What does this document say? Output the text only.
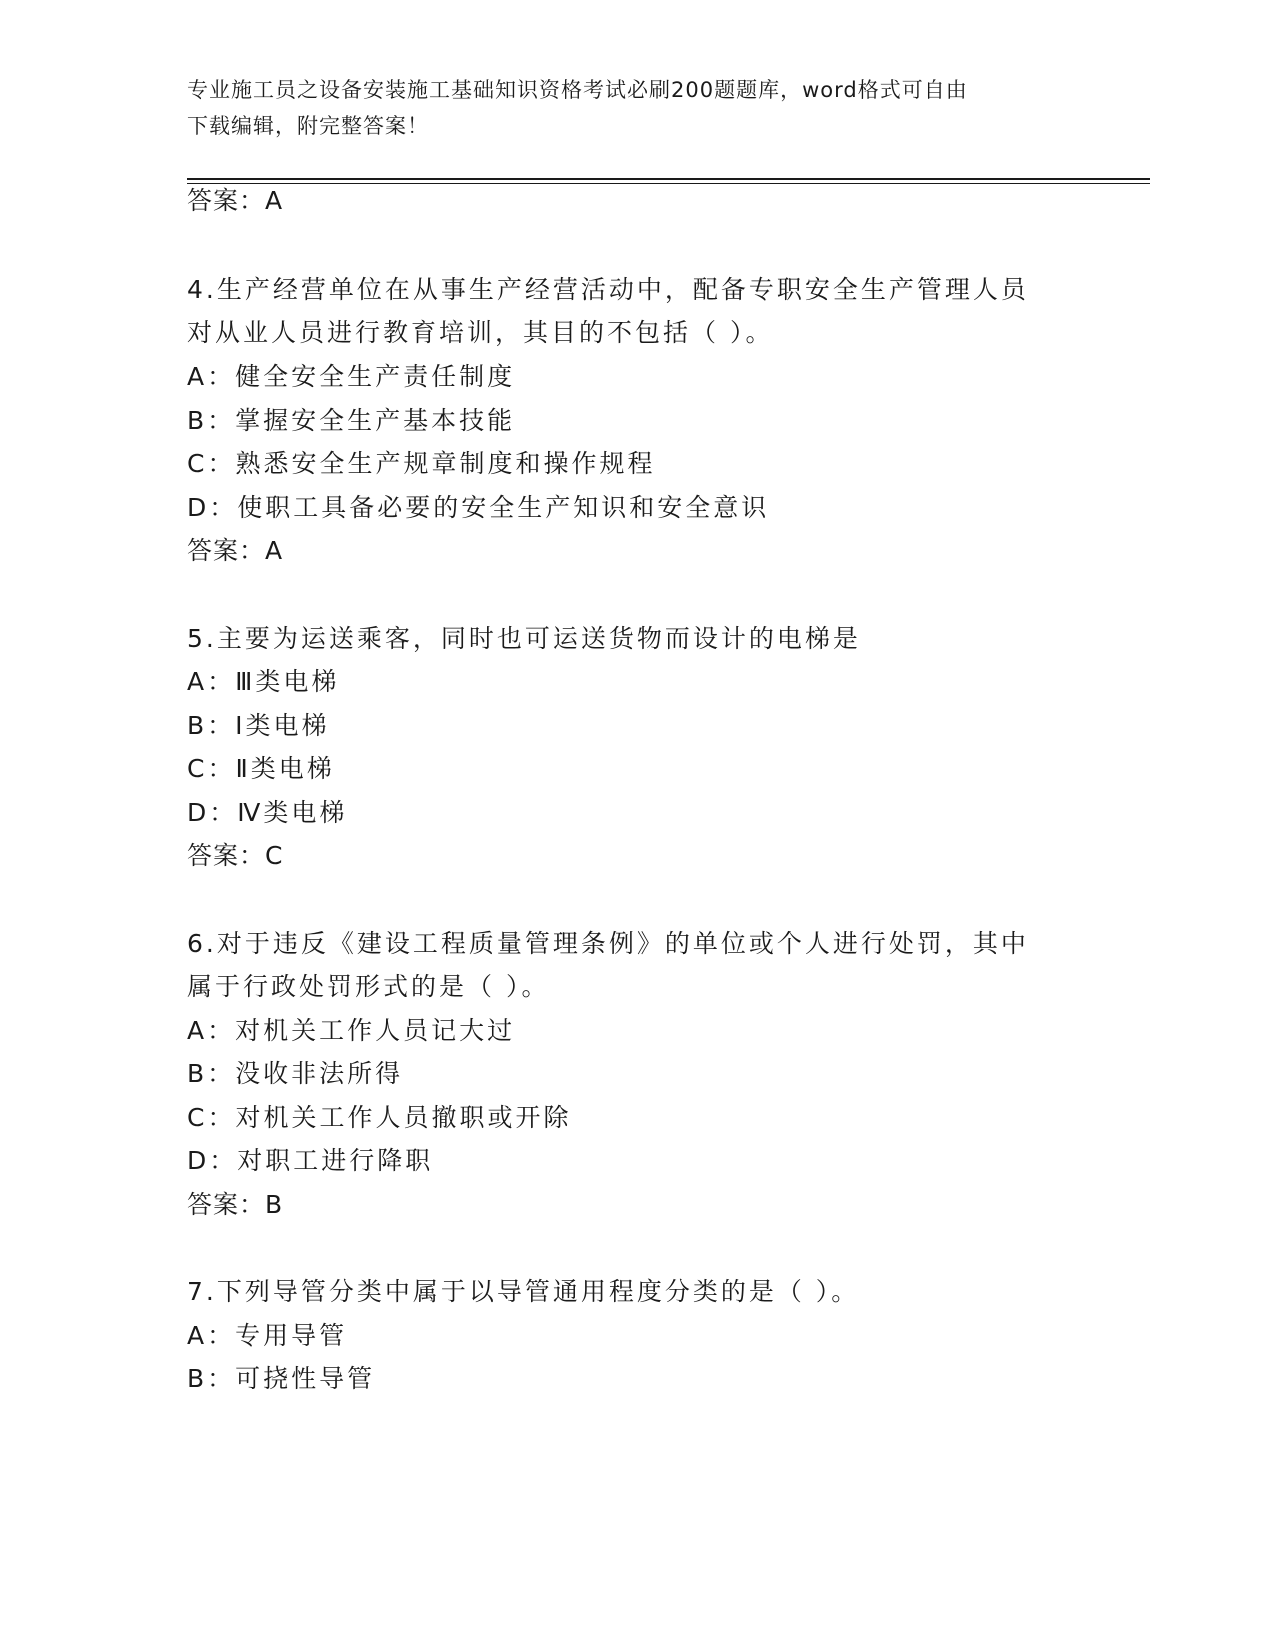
专业施工员之设备安装施工基础知识资格考试必刷200题题库，word格式可自由
下载编辑，附完整答案！

答案：A

4.生产经营单位在从事生产经营活动中，配备专职安全生产管理人员

对从业人员进行教育培训，其目的不包括（ ）。

A：健全安全生产责任制度

B：掌握安全生产基本技能

C：熟悉安全生产规章制度和操作规程

D：使职工具备必要的安全生产知识和安全意识

答案：A

5.主要为运送乘客，同时也可运送货物而设计的电梯是

A：Ⅲ类电梯

B：Ⅰ类电梯

C：Ⅱ类电梯

D：Ⅳ类电梯

答案：C

6.对于违反《建设工程质量管理条例》的单位或个人进行处罚，其中

属于行政处罚形式的是（ ）。

A：对机关工作人员记大过

B：没收非法所得

C：对机关工作人员撤职或开除

D：对职工进行降职

答案：B

7.下列导管分类中属于以导管通用程度分类的是（ ）。

A：专用导管

B：可挠性导管
